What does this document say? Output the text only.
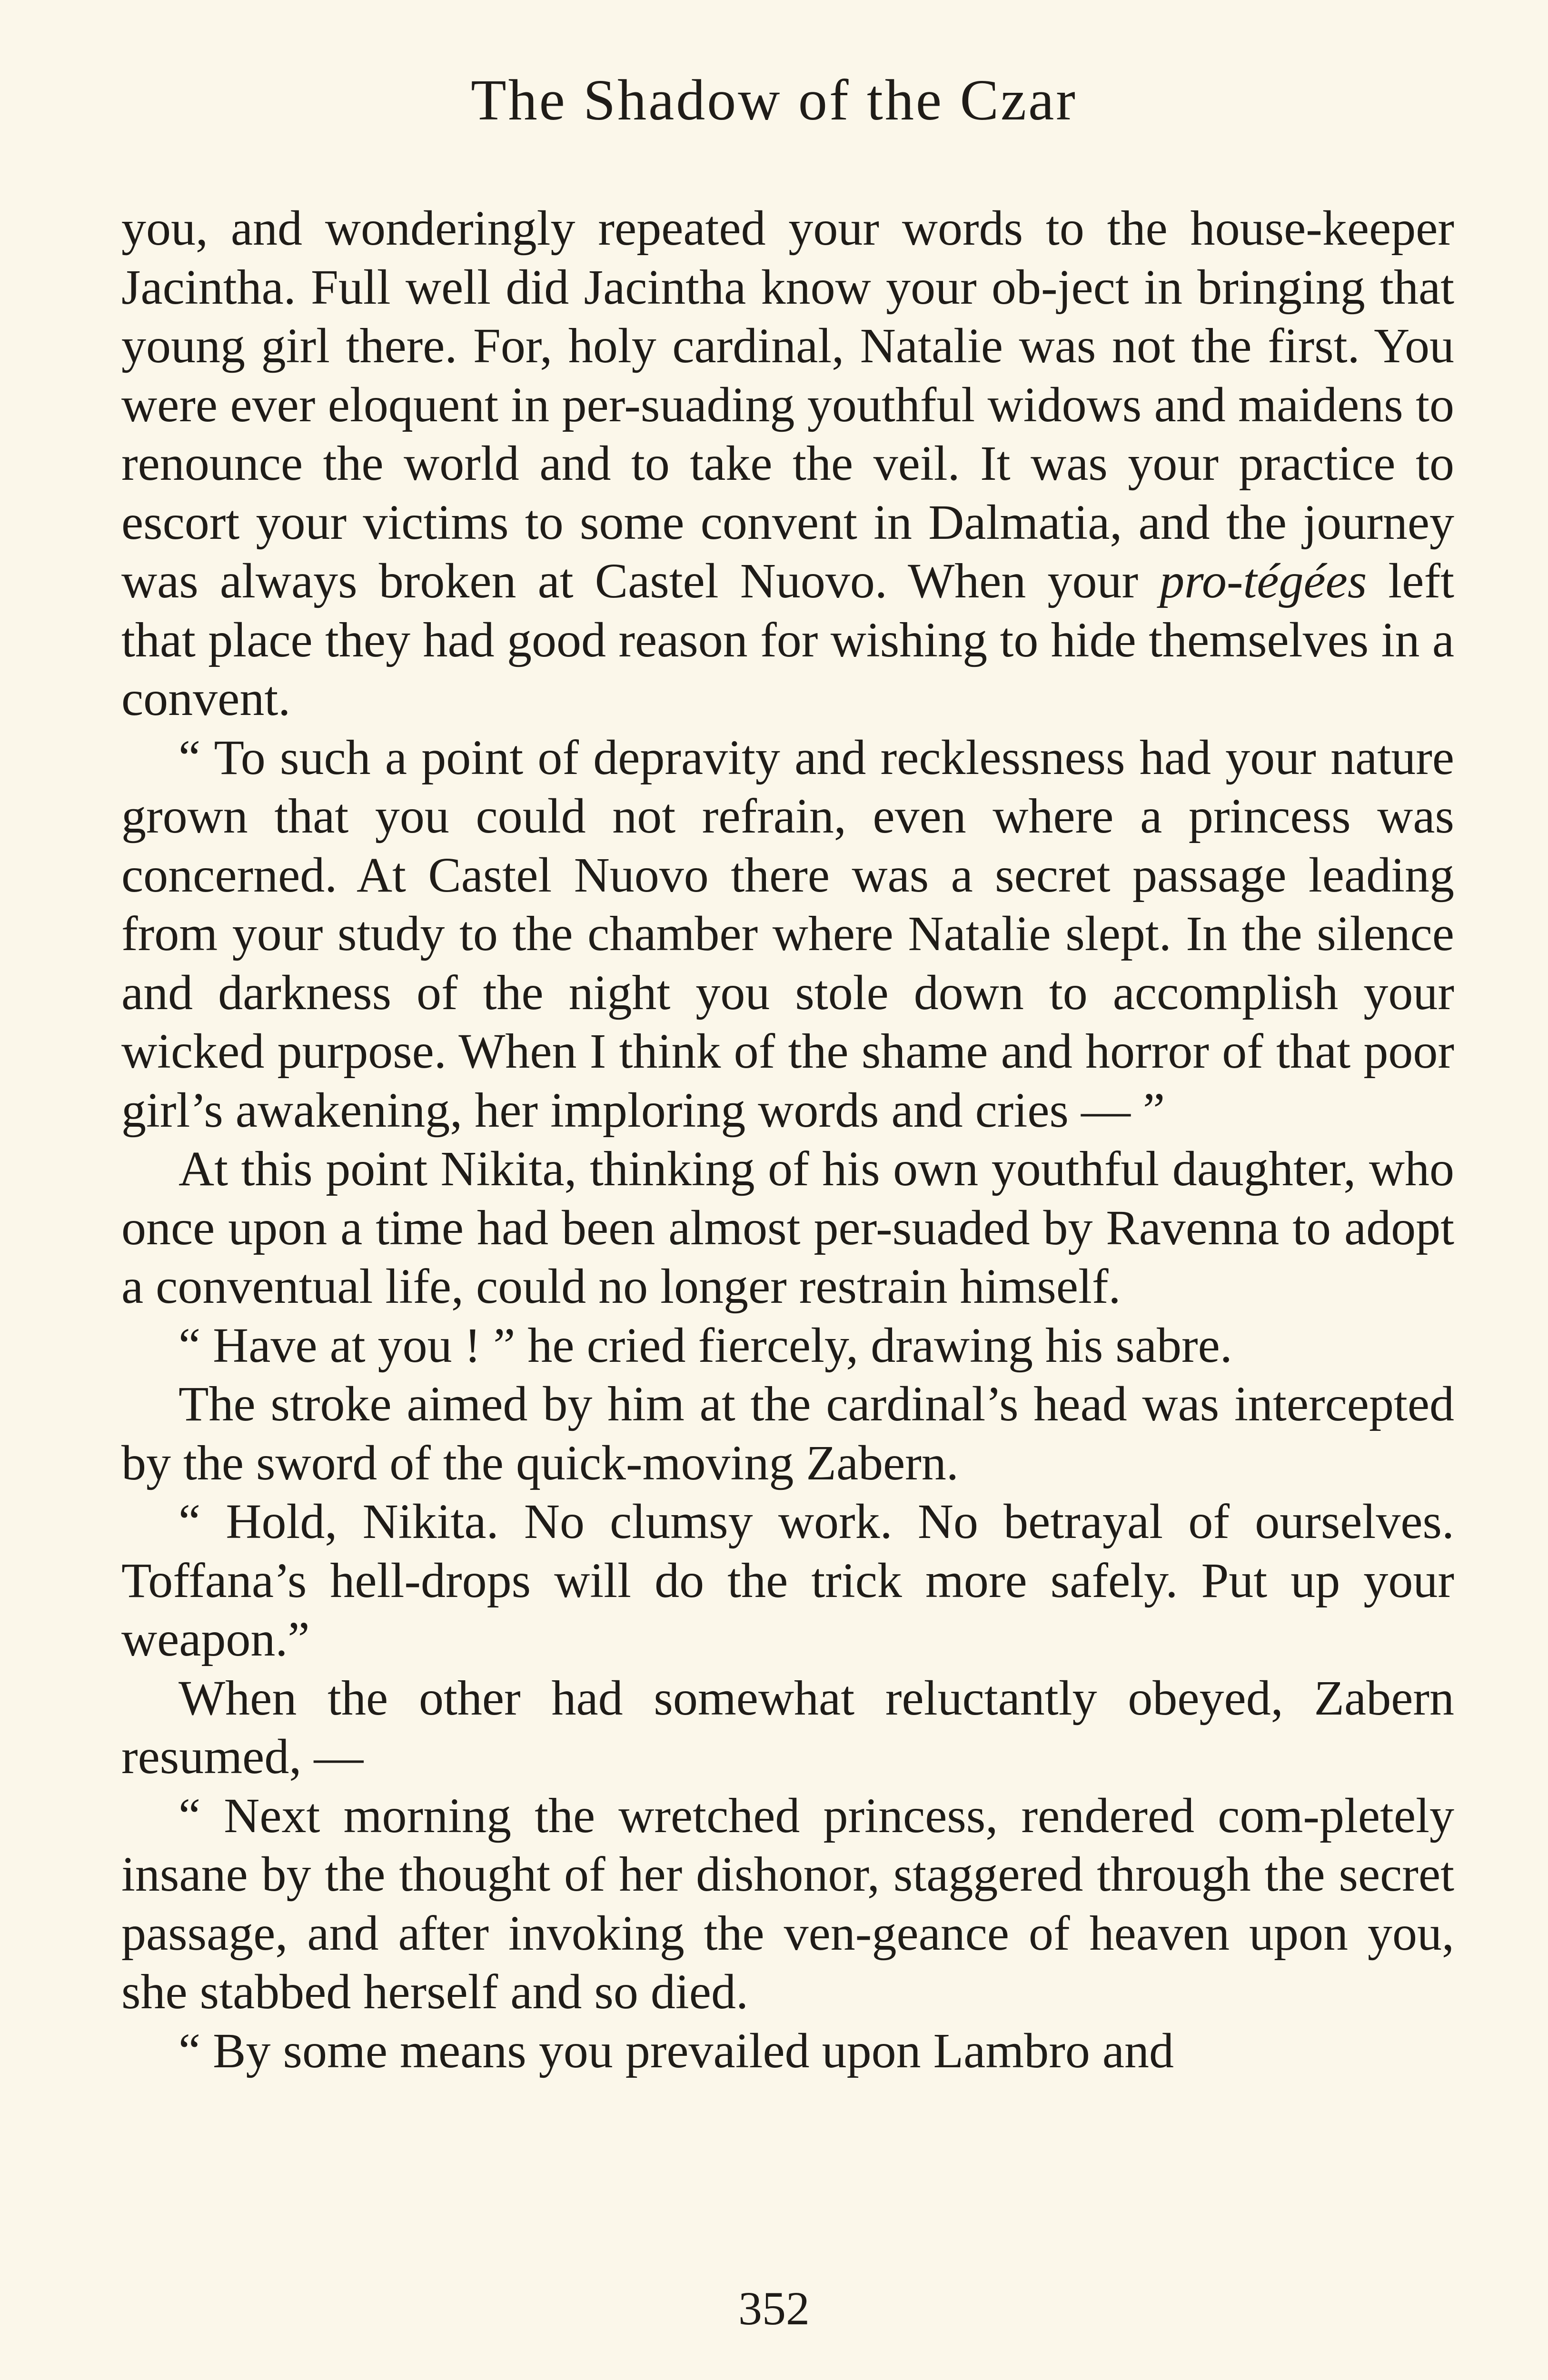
The Shadow of the Czar

you, and wonderingly repeated your words to the house-keeper Jacintha. Full well did Jacintha know your ob-ject in bringing that young girl there. For, holy cardinal, Natalie was not the first. You were ever eloquent in per-suading youthful widows and maidens to renounce the world and to take the veil. It was your practice to escort your victims to some convent in Dalmatia, and the journey was always broken at Castel Nuovo. When your pro-tégées left that place they had good reason for wishing to hide themselves in a convent.

“ To such a point of depravity and recklessness had your nature grown that you could not refrain, even where a princess was concerned. At Castel Nuovo there was a secret passage leading from your study to the chamber where Natalie slept. In the silence and darkness of the night you stole down to accomplish your wicked purpose. When I think of the shame and horror of that poor girl’s awakening, her imploring words and cries — ”

At this point Nikita, thinking of his own youthful daughter, who once upon a time had been almost per-suaded by Ravenna to adopt a conventual life, could no longer restrain himself.

“ Have at you ! ” he cried fiercely, drawing his sabre.

The stroke aimed by him at the cardinal’s head was intercepted by the sword of the quick-moving Zabern.

“ Hold, Nikita. No clumsy work. No betrayal of ourselves. Toffana’s hell-drops will do the trick more safely. Put up your weapon.”

When the other had somewhat reluctantly obeyed, Zabern resumed, —

“ Next morning the wretched princess, rendered com-pletely insane by the thought of her dishonor, staggered through the secret passage, and after invoking the ven-geance of heaven upon you, she stabbed herself and so died.

“ By some means you prevailed upon Lambro and

352
